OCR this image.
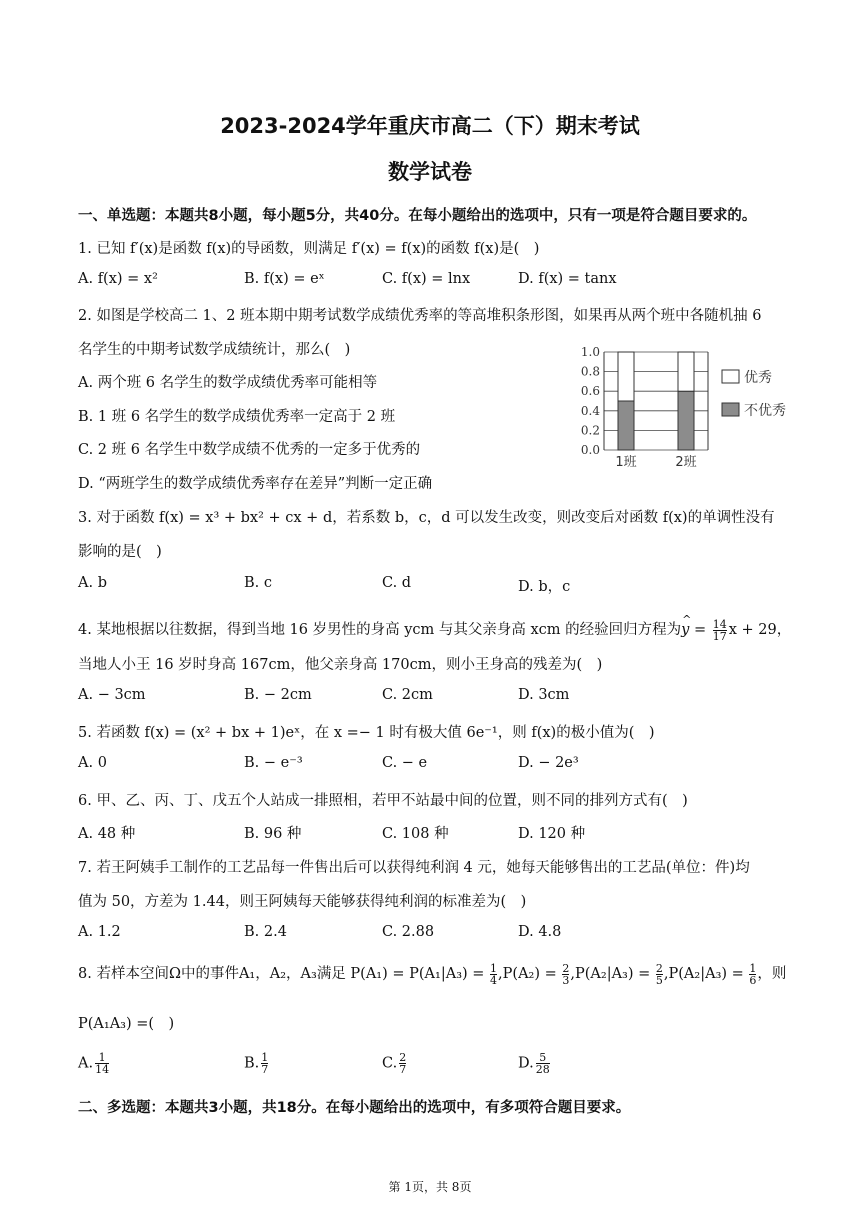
2023-2024学年重庆市高二（下）期末考试
数学试卷
一、单选题：本题共8小题，每小题5分，共40分。在每小题给出的选项中，只有一项是符合题目要求的。
1. 已知 f′(x)是函数 f(x)的导函数，则满足 f′(x) = f(x)的函数 f(x)是(　)
A. f(x) = x²	B. f(x) = eˣ	C. f(x) = lnx	D. f(x) = tanx
2. 如图是学校高二 1、2 班本期中期考试数学成绩优秀率的等高堆积条形图，如果再从两个班中各随机抽 6
名学生的中期考试数学成绩统计，那么(　)
A. 两个班 6 名学生的数学成绩优秀率可能相等
B. 1 班 6 名学生的数学成绩优秀率一定高于 2 班
C. 2 班 6 名学生中数学成绩不优秀的一定多于优秀的
D. “两班学生的数学成绩优秀率存在差异”判断一定正确
0.0
0.2
0.4
0.6
0.8
1.0
1班	2班
优秀
不优秀
3. 对于函数 f(x) = x³ + bx² + cx + d，若系数 b，c，d 可以发生改变，则改变后对函数 f(x)的单调性没有
影响的是(　)
A. b	B. c	C. d	D. b，c
4. 某地根据以往数据，得到当地 16 岁男性的身高 ycm 与其父亲身高 xcm 的经验回归方程为
^
$y = \frac{14}{17}$ x + 29，
当地人小王 16 岁时身高 167cm，他父亲身高 170cm，则小王身高的残差为(　)
A. − 3cm	B. − 2cm	C. 2cm	D. 3cm
5. 若函数 f(x) = (x² + bx + 1)eˣ，在 x =− 1 时有极大值 6e⁻¹，则 f(x)的极小值为(　)
A. 0	B. − e⁻³	C. − e	D. − 2e³
6. 甲、乙、丙、丁、戊五个人站成一排照相，若甲不站最中间的位置，则不同的排列方式有(　)
A. 48 种	B. 96 种	C. 108 种	D. 120 种
7. 若王阿姨手工制作的工艺品每一件售出后可以获得纯利润 4 元，她每天能够售出的工艺品(单位：件)均
值为 50，方差为 1.44，则王阿姨每天能够获得纯利润的标准差为(　)
A. 1.2	B. 2.4	C. 2.88	D. 4.8
8. 若样本空间Ω中的事件A₁，A₂，A₃满足 $P(A_1) = P(A_1|A_3) = \frac{1}{4} ,P(A_2) = \frac{2}{3} ,P(A_2|A_3) = \frac{2}{5} ,P(A_2|A_3) = \frac{1}{6}$ ，则
P(A₁A₃) =(　)
A. $\frac{1}{14}$	B. $\frac{1}{7}$	C. $\frac{2}{7}$	D. $\frac{5}{28}$
二、多选题：本题共3小题，共18分。在每小题给出的选项中，有多项符合题目要求。
第 1页，共 8页
